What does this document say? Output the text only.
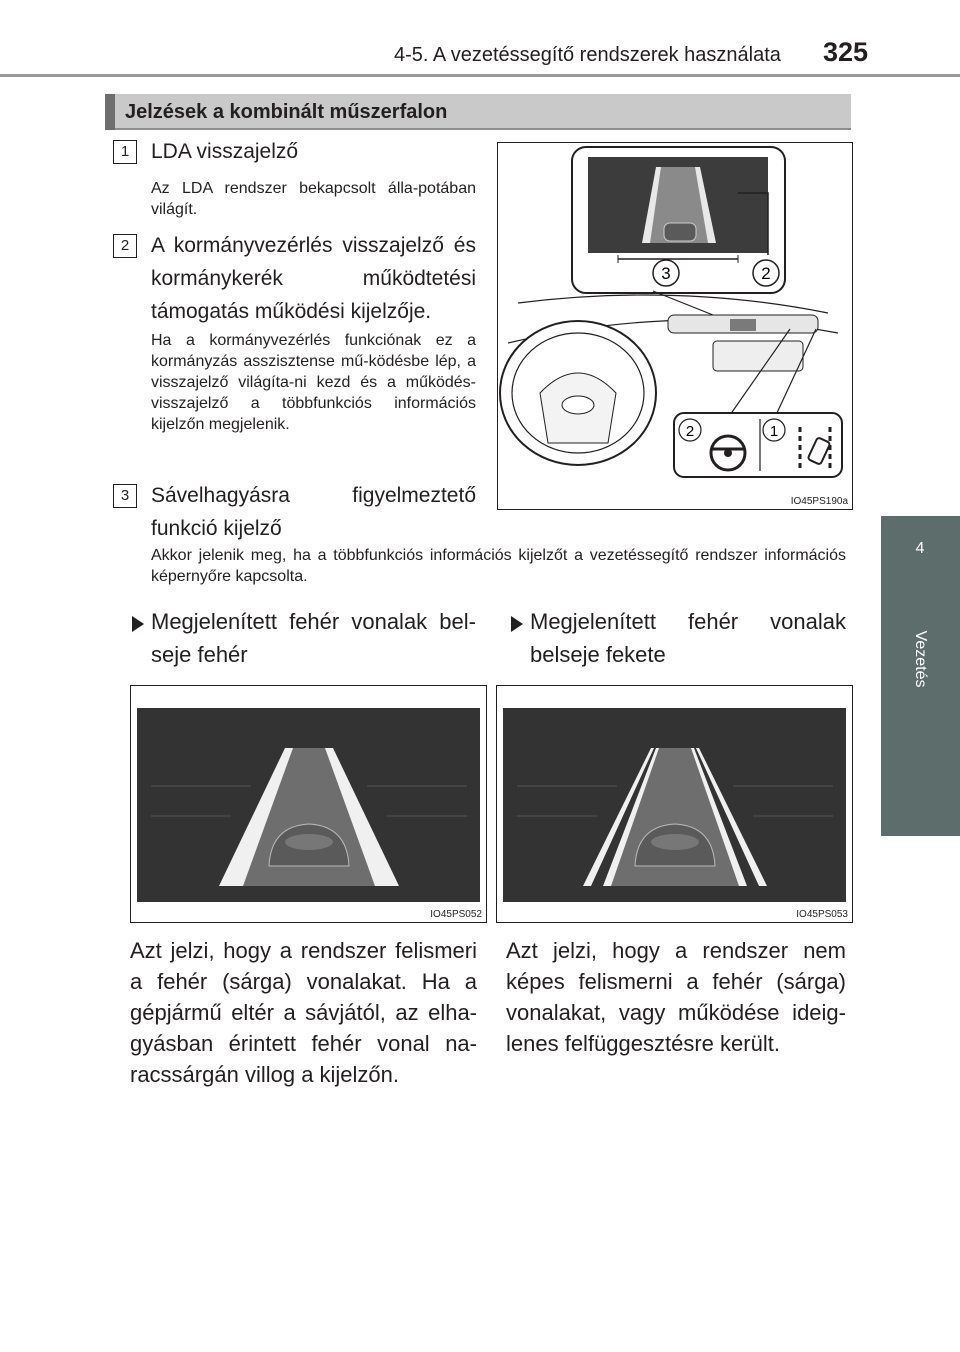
4-5. A vezetéssegítő rendszerek használata 325
4
Vezetés
Jelzések a kombinált műszerfalon
1	LDA visszajelző
Az LDA rendszer bekapcsolt álla-potában világít.
2	A kormányvezérlés visszajelző és kormánykerék működtetési támogatás működési kijelzője.
Ha a kormányvezérlés funkciónak ez a kormányzás asszisztense mű-ködésbe lép, a visszajelző világíta-ni kezd és a működés-visszajelző a többfunkciós információs kijelzőn megjelenik.
3	Sávelhagyásra figyelmeztető funkció kijelző
Akkor jelenik meg, ha a többfunkciós információs kijelzőt a vezetéssegítő rendszer információs képernyőre kapcsolta.
3	2
2	1
IO45PS190a
Megjelenített fehér vonalak bel-seje fehér
Megjelenített fehér vonalak belseje fekete
IO45PS052	IO45PS053
Azt jelzi, hogy a rendszer felismeri a fehér (sárga) vonalakat. Ha a gépjármű eltér a sávjától, az elha-gyásban érintett fehér vonal na-racssárgán villog a kijelzőn.
Azt jelzi, hogy a rendszer nem képes felismerni a fehér (sárga) vonalakat, vagy működése ideig-lenes felfüggesztésre került.
